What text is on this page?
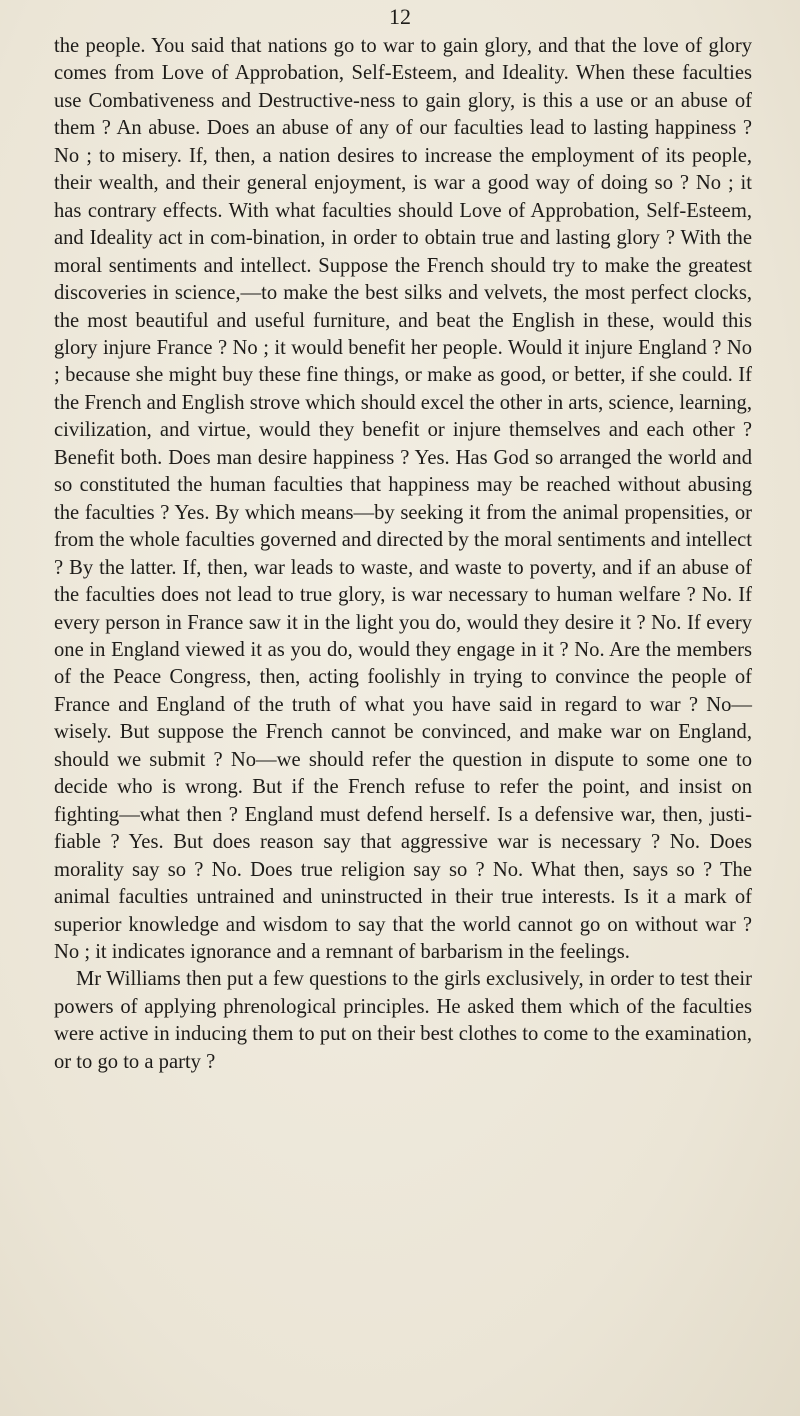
12

the people. You said that nations go to war to gain glory, and that the love of glory comes from Love of Approbation, Self-Esteem, and Ideality. When these faculties use Combativeness and Destructive-ness to gain glory, is this a use or an abuse of them ? An abuse. Does an abuse of any of our faculties lead to lasting happiness ? No ; to misery. If, then, a nation desires to increase the employment of its people, their wealth, and their general enjoyment, is war a good way of doing so ? No ; it has contrary effects. With what faculties should Love of Approbation, Self-Esteem, and Ideality act in com-bination, in order to obtain true and lasting glory ? With the moral sentiments and intellect. Suppose the French should try to make the greatest discoveries in science,—to make the best silks and velvets, the most perfect clocks, the most beautiful and useful furniture, and beat the English in these, would this glory injure France ? No ; it would benefit her people. Would it injure England ? No ; because she might buy these fine things, or make as good, or better, if she could. If the French and English strove which should excel the other in arts, science, learning, civilization, and virtue, would they benefit or injure themselves and each other ? Benefit both. Does man desire happiness ? Yes. Has God so arranged the world and so constituted the human faculties that happiness may be reached without abusing the faculties ? Yes. By which means—by seeking it from the animal propensities, or from the whole faculties governed and directed by the moral sentiments and intellect ? By the latter. If, then, war leads to waste, and waste to poverty, and if an abuse of the faculties does not lead to true glory, is war necessary to human welfare ? No. If every person in France saw it in the light you do, would they desire it ? No. If every one in England viewed it as you do, would they engage in it ? No. Are the members of the Peace Congress, then, acting foolishly in trying to convince the people of France and England of the truth of what you have said in regard to war ? No—wisely. But suppose the French cannot be convinced, and make war on England, should we submit ? No—we should refer the question in dispute to some one to decide who is wrong. But if the French refuse to refer the point, and insist on fighting—what then ? England must defend herself. Is a defensive war, then, justi-fiable ? Yes. But does reason say that aggressive war is necessary ? No. Does morality say so ? No. Does true religion say so ? No. What then, says so ? The animal faculties untrained and uninstructed in their true interests. Is it a mark of superior knowledge and wisdom to say that the world cannot go on without war ? No ; it indicates ignorance and a remnant of barbarism in the feelings.

Mr Williams then put a few questions to the girls exclusively, in order to test their powers of applying phrenological principles. He asked them which of the faculties were active in inducing them to put on their best clothes to come to the examination, or to go to a party ?
